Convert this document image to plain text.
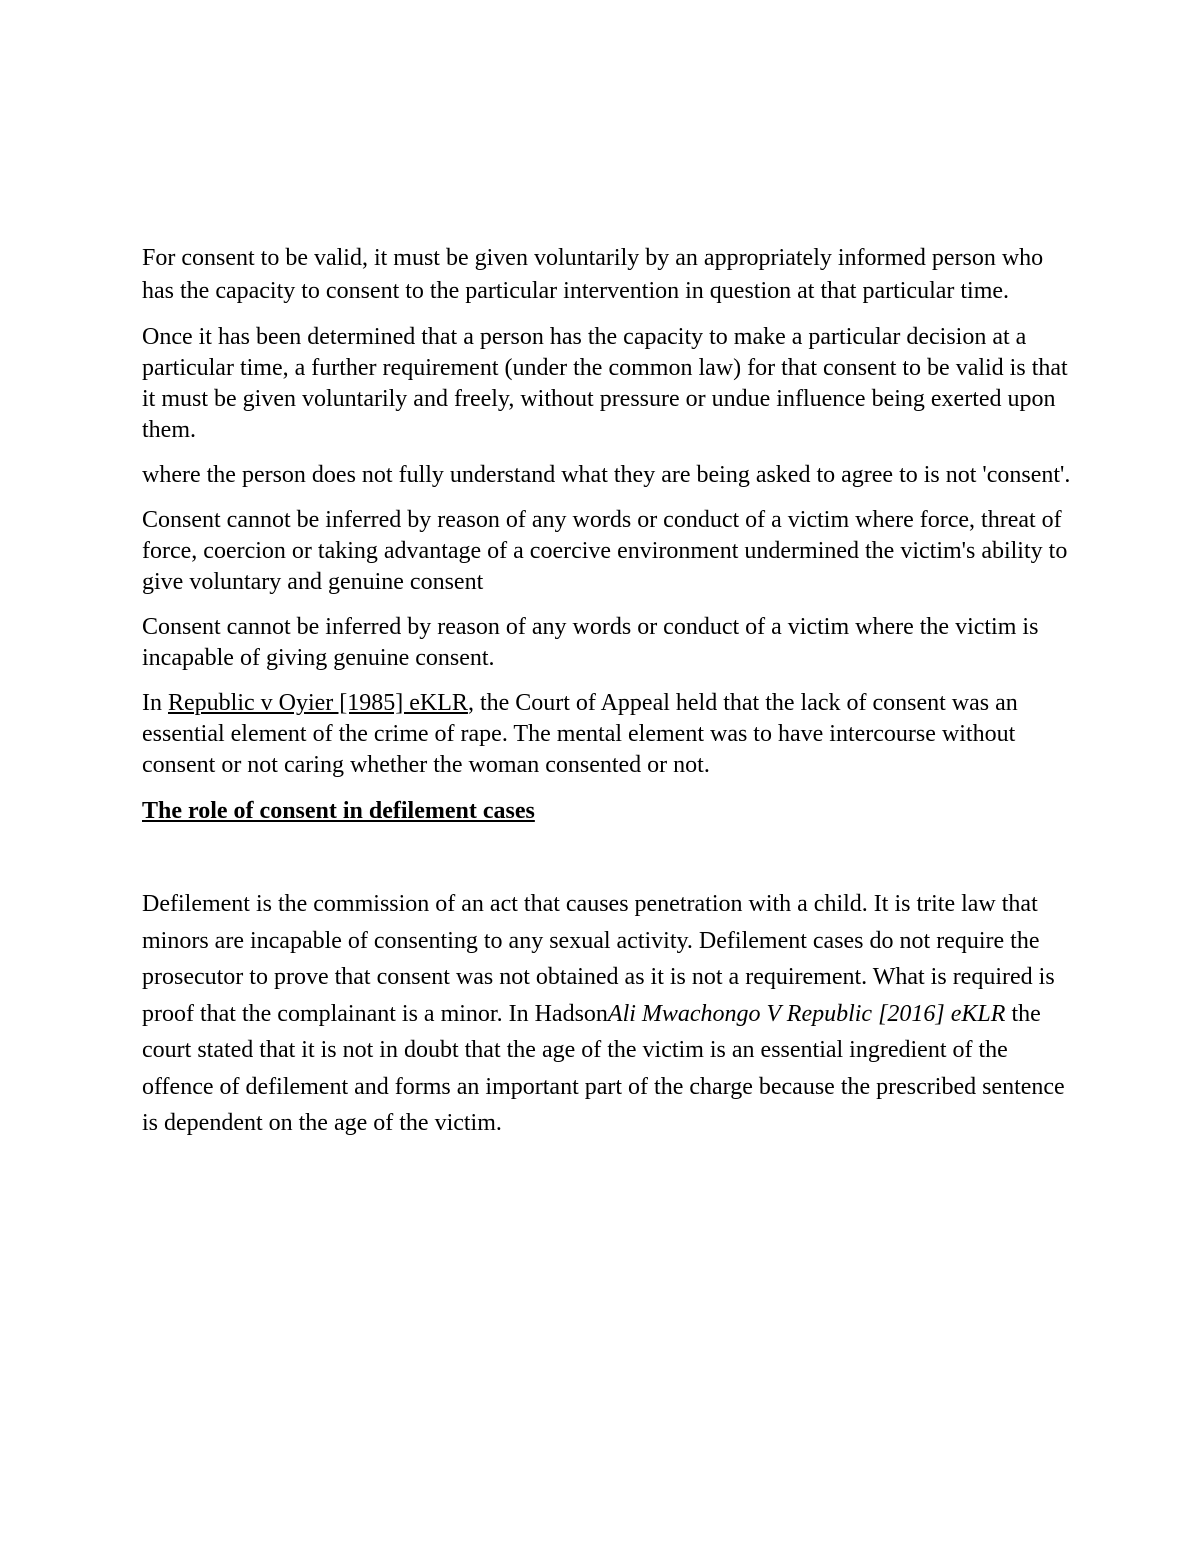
For consent to be valid, it must be given voluntarily by an appropriately informed person who has the capacity to consent to the particular intervention in question at that particular time.

Once it has been determined that a person has the capacity to make a particular decision at a particular time, a further requirement (under the common law) for that consent to be valid is that it must be given voluntarily and freely, without pressure or undue influence being exerted upon them.

where the person does not fully understand what they are being asked to agree to is not 'consent'.

Consent cannot be inferred by reason of any words or conduct of a victim where force, threat of force, coercion or taking advantage of a coercive environment undermined the victim's ability to give voluntary and genuine consent

Consent cannot be inferred by reason of any words or conduct of a victim where the victim is incapable of giving genuine consent.

In Republic v Oyier [1985] eKLR, the Court of Appeal held that the lack of consent was an essential element of the crime of rape. The mental element was to have intercourse without consent or not caring whether the woman consented or not.

The role of consent in defilement cases

Defilement is the commission of an act that causes penetration with a child. It is trite law that minors are incapable of consenting to any sexual activity. Defilement cases do not require the prosecutor to prove that consent was not obtained as it is not a requirement. What is required is proof that the complainant is a minor. In HadsonAli Mwachongo V Republic [2016] eKLR the court stated that it is not in doubt that the age of the victim is an essential ingredient of the offence of defilement and forms an important part of the charge because the prescribed sentence is dependent on the age of the victim.
